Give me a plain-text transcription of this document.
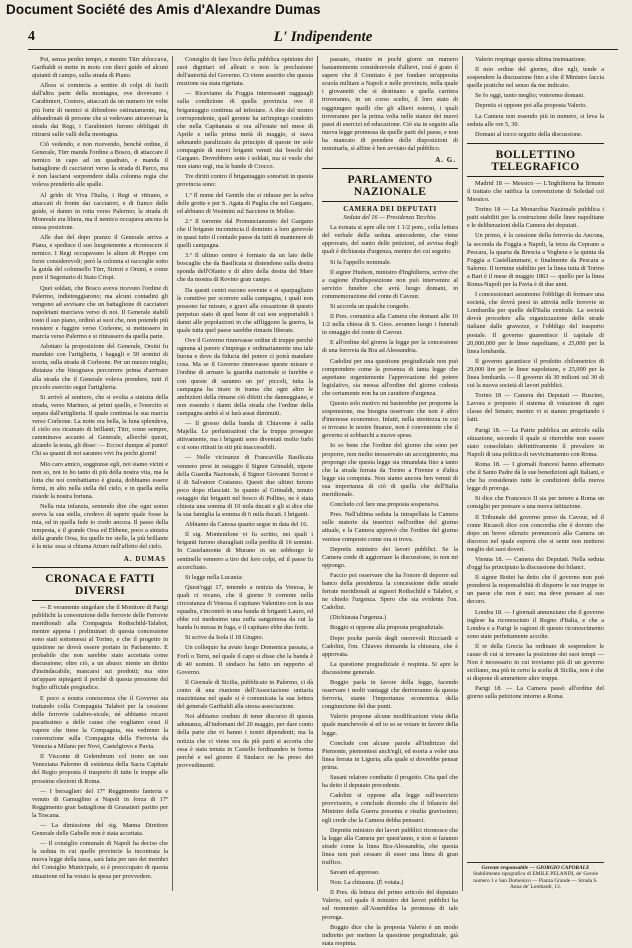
Document Société des Amis d'Alexandre Dumas
4	L' Indipendente

Poi, senza perder tempo, e mentre Türr sbloccava, Garibaldi si mette in moto con dieci guide ed alcuni ajutanti di campo, sulla strada di Piano.

Allora si comincia a sentire di colpi di fucili dall'altra parte della montagna, ove dovevano i Carabinieri, Costoro, attaccati da un numero tre volte più forte di nemici si difendono ostinatamente, ma, abbandonati di persone che si vedevano attraversar la strada dai Regi, i Carabinieri furono obbligati di ritirarsi sulle valli della montagna.

Ciò vedendo, e non ricevendo, benchè ordine, il Generale, Türr manda l'ordine a Bosco, di attaccare il nemico in capo ad un quadrato, e manda il battaglione di cacciatori verso la strada di Parco, ma è non lasciarsi sorprendere dalla colonna regia che voleva prenderlo alle spalle.

Al grido di Viva l'Italia, i Regi si ritirano, e attaccati di fronte dai cacciatori, e di fianco dalle guide, si danno in rotta verso Palermo; la strada di Monreale era libera, ma il nemico occupava ancora la stessa posizione.

Alle due del dopo pranzo il Generale arriva a Piana, e spedisce il suo luogotenente a riconoscere il nemico. I Regi occupavano le alture di Pioppo con forze considerevoli; però la colonna si raccoglie sotto la guida del colonnello Türr, Sirtori e Orsini, e come pure il Segretario di Stato Crispi.

Quei soldati, che Bosco aveva ricevuto l'ordine di Palermo, indietreggiarono; ma alcuni contadini gli vengono ad avvisare che un battaglione di cacciatori napoletani marciava verso di noi. Il Generale stabilì tosto il suo piano, ordinò ai suoi che, non potendo più resistere e fuggire verso Corleone, si mettessero in marcia verso Palermo e si ritirassero da quella parte.

Adottato la proposizione del Generale, Orsini fu mandato con l'artiglieria, i bagagli e 50 uomini di scorta, sulla strada di Corleone. Per un mezzo miglio, distanza che bisognava percorrere prima d'arrivare alla strada che il Generale voleva prendere, tutti il piccolo esercito segui l'artiglieria.

Si arrivò al sentiero, che si svolta a sinistra della strada, verso Marineo, ai primi quello, e l'esercito si separa dall'artiglieria. Il quale continua la sua marcia verso Corleone. La notte era bella, la luna splendeva, il cielo era ricamato di brillanti; Türr, come sempre, camminava accanto al Generale, allorchè questi, alzando la testa, gli disse: — Eccoci dunque al punto! Chi sa quanti di noi saranno vivi fra pochi giorni!

Mio caro amico, soggiunse egli, noi siamo vicini e non so, noi io ho tanto di più della nostra vita, ma la lotta che noi combattiamo è giusta, dobbiamo essere fermi, in alto nella stella del cielo, e in quella stella risiede la nostra fortuna.

Nella mia infanzia, sentendo dire che ogni uomo aveva la sua stella, credevo di sapere quale fosse la mia, ed in quella fede io credo ancora. Il passo della tempesta, e il grande Orsa ed Ebbene, poco a sinistra della grande Orsa, fra quelle tre stelle, la più brillante è la mia: essa si chiama Arturo nell'affetto del cielo.

A. DUMAS
CRONACA E FATTI DIVERSI

— E veramente singolare che il Monitore di Parigi pubblichi la convenzione delle ferrovie delle Ferrovie meridionali alla Compagnia Rothschild-Talabot, mentre appena i preliminari di questa concessione sono stati sottomessi al Torino, e che il progetto in quistione ne dovrà essere portato in Parlamento. E probabile che non sarebbe stato accettata come discussione; oltre ciò, a un abuso: niente un diritto d'insindacabile, mancarsi sui prodotti; ma sino un'appare sipiegarti il perchè di questa pressione del foglio ufficiale pregiudice.

E poco a nostra conoscenza che il Governo sta trattando colla Compagnia Talabot per la cessione delle ferrovie calabro-sicule, né abbiamo recarsi pacatissimo a delle cause che vogliamo cessi il vapore che tiene la Compagnia, ma vedremo la convenzione sulla Compagnia della Ferrovia da Venezia a Milano per Novi, Castelgiovo e Pavia.

Il Visconte di Gelembrum col trono un suo Veneziana Palermo di esistenza della Sacra Capitale del Regio proposta il trasporto di tutte le truppe alle prossime elezioni di Roma.

— I bersaglieri del 17º Reggimento fanteria e venuto di Gamuglino a Napoli in forza di 17º Reggimento gran battaglione di Granatieri partito per la Toscana.

— La dimissione del sig. Manna Direttore Generale delle Gabelle non è stata accettata.

— Il consiglio comunale di Napoli ha deciso che la seduta in cui quelle provincie la incontrata la nuova legge della tassa, sarà fatta per uno dei membri del Consiglio Municipale, si è preoccupato di questa situazione ed ha votato la spesa per provvedere.

Consiglio di fare l'eco della pubblica opinione dei suoi dignitari ed alleati e non la preclusione dell'autorità del Governo. Ci viene asserito che questa mozione sia stata rigettata.

— Riceviamo da Foggia interessanti ragguagli sulla condizione di quella provincia ove il brigantaggio continua ad infestare. A dire del nostro corrispondente, quel gerente ha un'impiego condotto che nella Capitanata si ora all'estate nel mese di Aprile e nella prima metà di maggio, si stava adunando paralizzato da principio di queste tre sole compagnie di nuovi briganti venuti dai boschi del Gargano. Dovrebbero sette i soldati, ma si vuole che non siano regi, ma le bande di Crocco.

Tre diritti contro il brigantaggio sonoristi in questa provincia sono:

1.º Il nome del Gentile che si ridusse per la selva delle grotte e per S. Agata di Puglia che nel Gargano, ed abbiano di Vosimini sul Saccione in Molise.

2.º Il torrente dal Pronunciamento del Gargano che il brigante incomincia il dominio a loro gerevole in quasi tutto il contado paese da tutti di mantenere di quelli campagna.

3.º Il ultimo centro è formato da un lato delle boscaglie che da Basilicata si distendono sulla destra sponda dell'Ofanto e di altro della destra del Mare che da mostra di Rovino gran campo.

Da questi centri escono sovente e si sparpagliano le comitive per scorrere sulla campagna, i quali non possono far misure, e gravi alla cessazione di questo perpetuo stato di quel bene di cui son sopportabili i danni alle popolazioni in che affliggono la guerra, la quale tutta quel paese sarebbe rimaste liberate.

Ove il Governo rinnovasse ordine di truppe perchè ognuna al parere s'impiega e ordinariamente una tale buona e dove da fiducia del potere ci potrà mandare cosa. Ma se il Governo rinnovasse queste misure e l'ordine di armare la guardia nazionale si farebbe e con queste di saranno un po' piccoli, tutta la campagna ha tirare in trama che ogni altro le ambizioni della rimane ciò difetti che danneggiano, e non essendo i danni della strada che l'ordine della campagna andrà sì si farà assai diminuiti.

— Il grosso della banda di Chiavone è sulla Majella. Le perlustrazioni che la truppa prosegue attivamente, ma i briganti sono diventati molto furbi e si sono ritirati in siti più inaccessibili.

— Nelle vicinanze di Francavilla Basilicata vennero presi in ostaggio il Signor Grimaldi, nipote della Guardia Nazionale, il Signor Giovanni Scroni e il di Salvatore Costanzo. Questi due ultimi furono poco dopo rilasciati. In quanto al Grimaldi, tenuto ostaggio dai briganti nel bosco di Pollino, ne è stata chiesta una somma di 10 mila ducati e gli si dice che la sua famiglia la somma di 6 mila ducati. I briganti.

Abbiamo da Canosa quanto segue in data del 16.

Il sig. Montenilone vi fu scritto, nei quali i briganti furono sbaragliati colla perdita di 16 uomini. In Castelamonte di Murano in un sobborgo le sentinelle vennero a tiro dei loro colpi, ed il paese fu accerchiato.

Si legge nella Lucania:

Quest'oggi 17, tenendo a notizia da Venosa, le quali ci recano, che il giorno 9 corrente nella circostanza di Venosa il capitano Valentino con la sua squadra, s'incontrò in una banda di briganti Lauro, ed ebbe col medesimo una zuffa sanguinosa da cui la banda fu messa in fuga, e il capitano ebbe due feriti.

Si scrive da Isola il 18 Giugno.

Un colloquio ha avuto luogo Domenica passata, a Forlì o Terni, nel quale il capo si disse che la banda è di 40 uomini. Il sindaco ha fatto un rapporto al Governo.

Il Giornale di Sicilia, pubblicato in Palermo, ci dà conto di una riunione dell'Associazione unitaria mazziniana nel quale si è comunicata la sua lettera del generale Garibaldi alla stessa associazione.

Noi abbiamo creduto di tener discorso di questa adunanza, all'indomani del 20 maggio, per dare conto della parte che vi hanno i nostri dipendenti; ma la notizia che ci viene ora da più parti si accerta che essa è stata tenuta in Castello ferdinandeo in forma perchè e nel giorno il Sindaco ne ha preso dei provvedimenti.

passato, riunire in pochi giorni un numero bastantemente considerevole d'allievi, così è grato il sapere che il Comitato è per fondare un'apposita scuola militare a Napoli e nelle provincie, nella quale i giovanetti che si destinano a quella carriera troveranno, in un corso scelto, il loro stato di raggiungere quelli che gli allievi esterni, i quali troveranno per la prima volta nelle stanze dei nuovi passi di esercizi ed educazione. Ciò sia in seguito alla nuova legge promessa da quelle parti del paese, e non ha mancato di prendere delle disposizioni di nominarla, sì alfine è ben avviato dal pubblico.

A. G.
PARLAMENTO NAZIONALE
CAMERA DEI DEPUTATI
Seduta del 16 — Presidenza Tecchio.

La tornata si apre alle ore 1 1/2 pom., colla lettura del verbale della seduta antecedente, che viene approvato, del sunto delle petizioni, ed avvisa degli quali è dichiarata d'urgenza, mentre dei cui seguito.

Si fa l'appello nominale.

Il signor Hudson, ministro d'Inghilterra, scrive che a cagione d'indisposizione non può intervenire al servizio funebre che avrà luogo domani, in commemorazione del conte di Cavour.

Si accorda un qualche congedo.

Il Pres. comunica alla Camera che domani alle 10 1/2 nella chiesa di S. Gioo. avranno luogo i funerali in omaggio del conte di Cavour.

E all'ordine del giorno la legge per la concessione di una ferrovia da Bra ad Alessandria.

Cadolini per una questione pregiudiziale non può comprendere come la presenza di tanta legge che aspettano urgentemente l'approvazione del potere legislativo, sia messa all'ordine del giorno codesta che certamente non ha un carattere d'urgenza.

Questo solo motivo mi basterebbe per proporne la sospensione, ma bisogna osservare che non è altro d'interesse economico. Infatti, nella strettezza in cui si trovano le nostre finanze, non è conveniente che il governo si sobbarchi a nuove spese.

Io so bene che l'ordine del giorno che sono per proporre, non molto inosservato un accorgimento, ma propongo che questa legge sia rimandata fino a tanto che la strada ferrata da Torino a Firenze e d'altra legge sia compiuta. Non siamo ancora ben venuti di sua importanza di ciò di quella che dell'Italia meridionale.

Concludo col fare una proposta sospensiva.

Pres. Nell'ultima seduta la intrapellata la Camera sulle materie da inserirsi nell'ordine del giorno attuale, e la Camera approvò che l'ordine del giorno venisse composto come ora si trova.

Depretis ministro dei lavori pubblici. Se la Camera crede di aggiornare la discussione, io non mi oppongo.

Faccio poi osservare che ha l'onore di deporre sul banco della presidenza la concessione delle strade ferrate meridionali ai signori Rothschild e Talabot, e ne chiedo l'urgenza. Spero che sia evidente l'on. Cadolini.

(Dichiarata l'urgenza.)

Boggio si oppone alla proposta pregiudiziale.

Dopo poche parole degli onorevoli Ricciardi e Cadolini, l'on. Chiaves domanda la chiusura, che è approvata.

La questione pregiudiziale è respinta. Si apre la discussione generale.

Boggio parla in favore della legge, facendo osservare i molti vantaggi che deriveranno da questa ferrovia, stante l'importanza economica della congiunzione del due punti.

Valerio propone alcune modificazioni vista della quale manchevole sì ed io so se votare in favore della legge.

Conclude con alcune parole all'indirizzo del Piemonte, piemontesi anch'egli, ed esorta a voler una linea ferrata in Liguria, alla quale si dovrebbe pensar prima.

Susani relatore combatte il progetto. Cita quel che ha detto il deputato precedente.

Cadolini si oppone alla legge sull'esercizio provvisorio, e conclude dicendo che il bilancio del Ministro della Guerra presenta e risulta gravissimo; egli crede che la Camera debba pensarci.

Depretis ministro dei lavori pubblici riconosce che la legge alla Camera per quest'anno, e non si faranno strade come la linea Bra-Alessandria, che questa linea non può cessare di esser una linea di gran traffico.

Savani ed appresso.

Non. La chiusura. (È votata.)

Il Pres. dà lettura del primo articolo del deputato Valerio, col quale il ministro dei lavori pubblici ha sul momento all'Assemblea la promessa di tale proroga.

Boggio dice che la proposta Valerio è un modo indiretto per mettere la questione pregiudiziale, già stata respinta.

Valerio respinge questa ultima insinuazione.

Il mio ordine del giorno, dice egli, tende a sospendere la discussione fino a che il Ministro faccia quelle pratiche nel senso da me indicato.

Se fo oggi, tanto meglio; voteremo domani.

Depretis si oppone poi alla proposta Valerio.

La Camera non essendo più in numero, si leva la seduta alle ore 5, 30.

Domani al tocco seguito della discussione.

BOLLETTINO TELEGRAFICO

Madrid 18 — Messico — L'Inghilterra ha firmato il trattato che ratifica la convenzione di Soledad col Messico.

Torino 18 — La Monarchia Nazionale pubblica i patti stabiliti per la costruzione delle linee napolitane e le deliberazioni della Camera dei deputati.

Un primo, è la cessione della ferrovia da Ancona, la seconda da Foggia a Napoli, la terza da Ceprano a Pescara, la quarta da Brescia a Voghera e la quinta da Foggia a Castellammare, e finalmente da Pescara a Salerno. Il termine stabilito per la linea tutta di Torino a Bari è il mese di maggio 1863 — quello per la linea Roma-Napoli per la Pavia è di due anni.

I concessionari assumono l'obbligo di formare una società, che dovrà porsi in attività nelle ferrovie in Lombardia per quelle dell'Italia centrale. La società dovrà procedere alla organizzazione delle strade italiane dalle gravezze, e l'obbligo del trasporto postale. Il governo guarentisce il capitale di 20,000,000 per le linee napolitane, e 25,000 per la linea lombarda.

Il governo garantisce il prodotto chilometrico di 29,000 lire per le linee napoletane, e 25,000 per la linea lombarda. — Il governo dà 30 milioni sul 30 di cui la nuova società di lavori pubblici.

Torino 18 — Camera dei Deputati — Ruscino, Lavora e proposto il sistema di votazione di ogni classe del Senato; mentre vi si stanno progettando i fatti.

Parigi 18. — La Patrie pubblica un articolo sulla situazione, secondo il quale si riterrebbe non essere stato consolidato definitivamente il prevalere in Napoli di una politica di ravvicinamento con Roma.

Roma 18. — I giornali francesi hanno affermato che il Santo Padre dà le sue benedizioni agli Italiani, e che ha considerato tutte le condizioni della nuova legge di proroga.

Si dice che Francesco II sia per tenere a Roma un consiglio per pensare a una nuova istituzione.

Il Tribunale del governo preso da Cavour, ed il conte Ricasoli dice con concordia che è dovuto che dopo un breve silenzio pronuncerà alla Camera un discorso nel quale esporrà che si sente non mettersi meglio dei suoi doveri.

Vienna 18. — Camera dei Deputati. Nella seduta d'oggi ha principiato la discussione dei bilanci.

Il signor Bottei ha detto che il governo non può prendersi la responsabilità di disporre le sue truppe in un paese che non è suo; ma deve pensare al suo decoro.

Londra 18. — I giornali annunziano che il governo inglese ha riconosciuto il Regno d'Italia, e che a Londra e a Parigi le ragioni di questo riconoscimento sono state perfettamente accolte.

Il re della Grecia ha ordinato di sospendere le cause di cui si trovano la posizione dei suoi tempi — Non è necessario in cui troviamo più di un governo siciliano, ma più in certo la scelta di Sicilia, non è che si dispone di ammettere altre truppe.

Parigi 18. — La Camera passò all'ordine del giorno sulla petizione intorno a Roma.

Gerente responsabile — GIORGIO CAPORALE
Stabilimento tipografico di EMILE PELANDI, de' Gerole numero 1 e San Domenico — Piazza Grande — Strada S. Anna de' Lombardi, 13.
